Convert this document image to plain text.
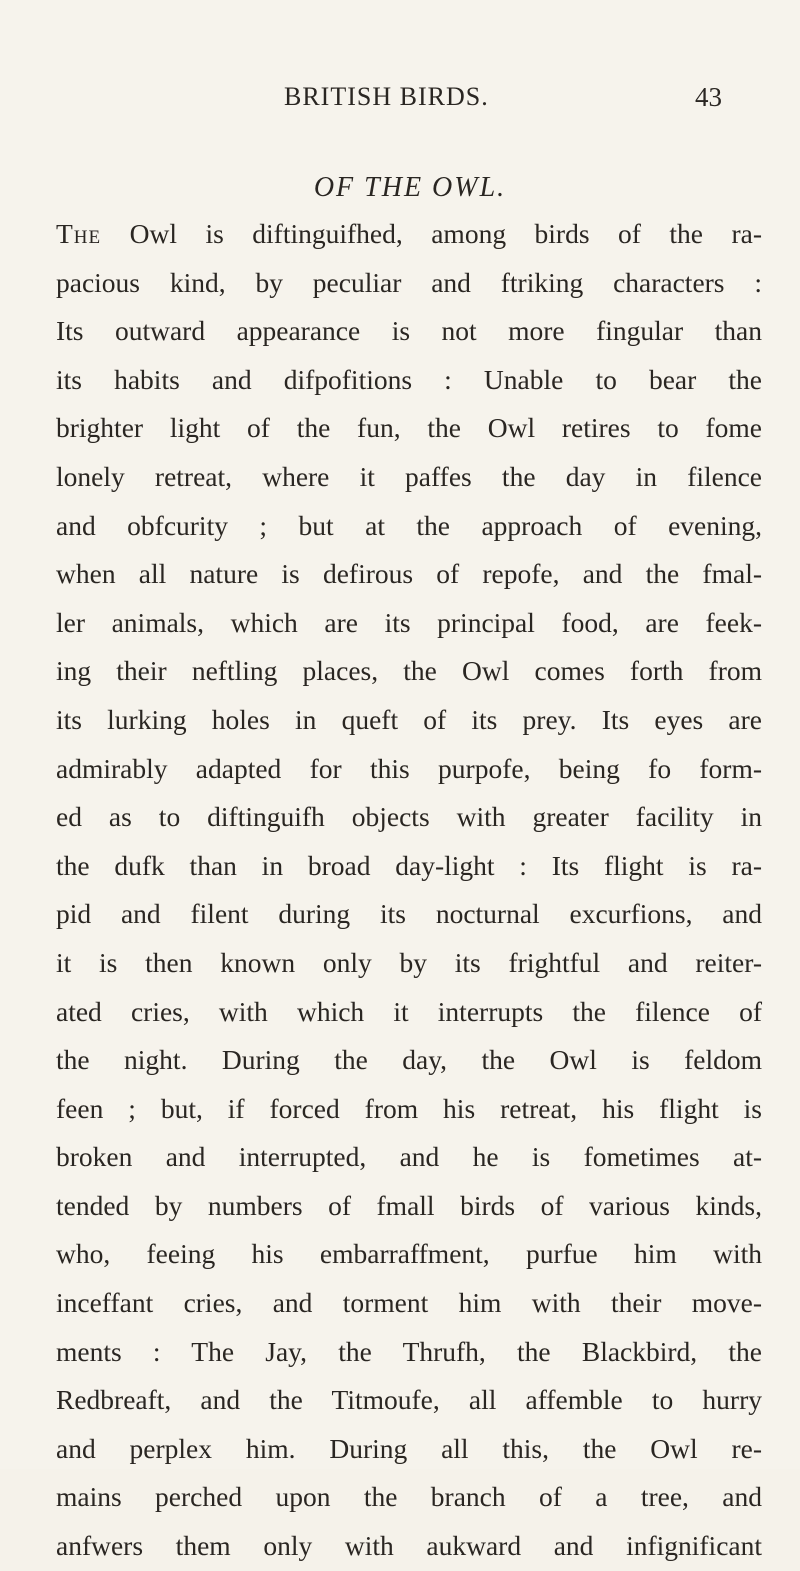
BRITISH BIRDS.	43
OF THE OWL.
The Owl is diftinguifhed, among birds of the ra-
pacious kind, by peculiar and ftriking characters :
Its outward appearance is not more fingular than
its habits and difpofitions : Unable to bear the
brighter light of the fun, the Owl retires to fome
lonely retreat, where it paffes the day in filence
and obfcurity ; but at the approach of evening,
when all nature is defirous of repofe, and the fmal-
ler animals, which are its principal food, are feek-
ing their neftling places, the Owl comes forth from
its lurking holes in queft of its prey. Its eyes are
admirably adapted for this purpofe, being fo form-
ed as to diftinguifh objects with greater facility in
the dufk than in broad day-light : Its flight is ra-
pid and filent during its nocturnal excurfions, and
it is then known only by its frightful and reiter-
ated cries, with which it interrupts the filence of
the night. During the day, the Owl is feldom
feen ; but, if forced from his retreat, his flight is
broken and interrupted, and he is fometimes at-
tended by numbers of fmall birds of various kinds,
who, feeing his embarraffment, purfue him with
inceffant cries, and torment him with their move-
ments : The Jay, the Thrufh, the Blackbird, the
Redbreaft, and the Titmoufe, all affemble to hurry
and perplex him. During all this, the Owl re-
mains perched upon the branch of a tree, and
anfwers them only with aukward and infignificant
